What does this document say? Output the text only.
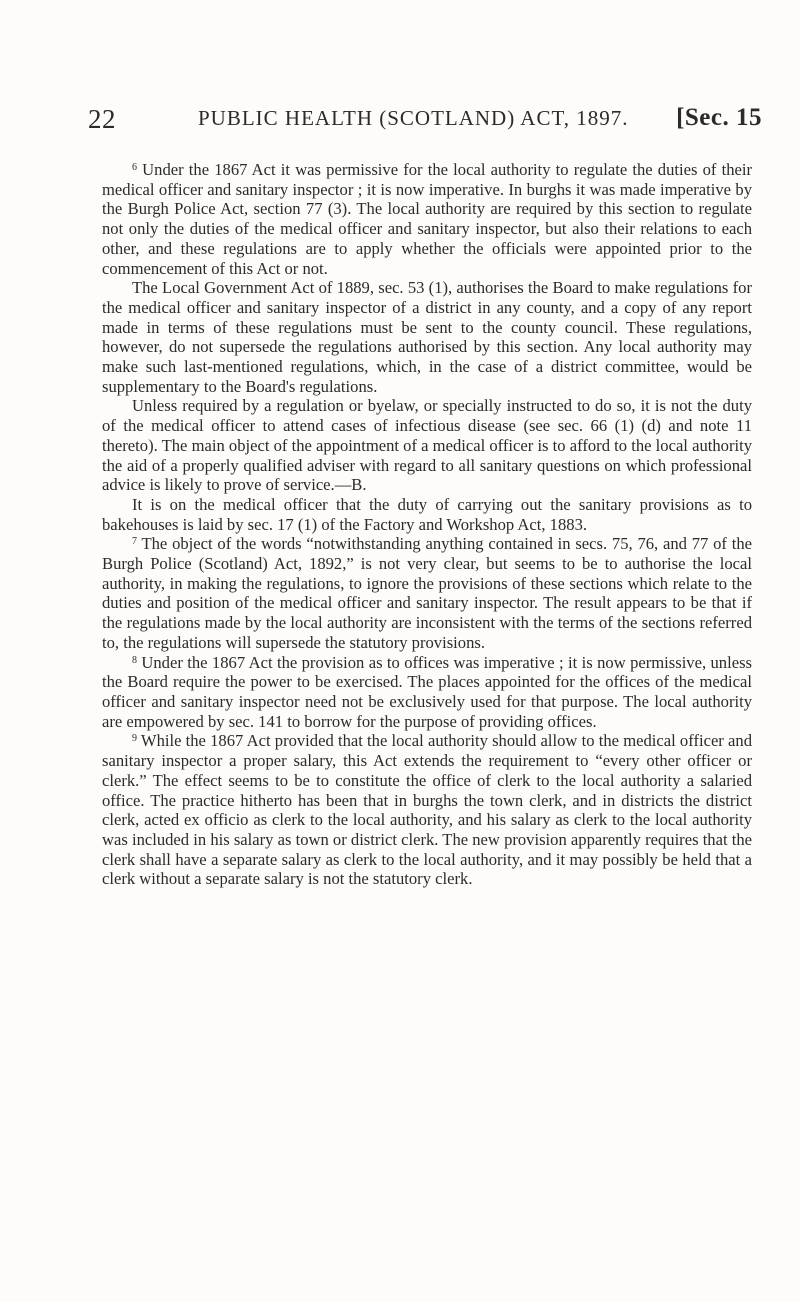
22	PUBLIC HEALTH (SCOTLAND) ACT, 1897. [Sec. 15

$^6$ Under the 1867 Act it was permissive for the local authority to regulate the duties of their medical officer and sanitary inspector ; it is now imperative. In burghs it was made imperative by the Burgh Police Act, section 77 (3). The local authority are required by this section to regulate not only the duties of the medical officer and sanitary inspector, but also their relations to each other, and these regulations are to apply whether the officials were appointed prior to the commencement of this Act or not.

The Local Government Act of 1889, sec. 53 (1), authorises the Board to make regulations for the medical officer and sanitary inspector of a district in any county, and a copy of any report made in terms of these regulations must be sent to the county council. These regulations, however, do not supersede the regulations authorised by this section. Any local authority may make such last-mentioned regulations, which, in the case of a district committee, would be supplementary to the Board's regulations.

Unless required by a regulation or byelaw, or specially instructed to do so, it is not the duty of the medical officer to attend cases of infectious disease (see sec. 66 (1) (d) and note 11 thereto). The main object of the appointment of a medical officer is to afford to the local authority the aid of a properly qualified adviser with regard to all sanitary questions on which professional advice is likely to prove of service.—B.

It is on the medical officer that the duty of carrying out the sanitary provisions as to bakehouses is laid by sec. 17 (1) of the Factory and Workshop Act, 1883.

$^7$ The object of the words “notwithstanding anything contained in secs. 75, 76, and 77 of the Burgh Police (Scotland) Act, 1892,” is not very clear, but seems to be to authorise the local authority, in making the regulations, to ignore the provisions of these sections which relate to the duties and position of the medical officer and sanitary inspector. The result appears to be that if the regulations made by the local authority are inconsistent with the terms of the sections referred to, the regulations will supersede the statutory provisions.

$^8$ Under the 1867 Act the provision as to offices was imperative ; it is now permissive, unless the Board require the power to be exercised. The places appointed for the offices of the medical officer and sanitary inspector need not be exclusively used for that purpose. The local authority are empowered by sec. 141 to borrow for the purpose of providing offices.

$^9$ While the 1867 Act provided that the local authority should allow to the medical officer and sanitary inspector a proper salary, this Act extends the requirement to “every other officer or clerk.” The effect seems to be to constitute the office of clerk to the local authority a salaried office. The practice hitherto has been that in burghs the town clerk, and in districts the district clerk, acted ex officio as clerk to the local authority, and his salary as clerk to the local authority was included in his salary as town or district clerk. The new provision apparently requires that the clerk shall have a separate salary as clerk to the local authority, and it may possibly be held that a clerk without a separate salary is not the statutory clerk.
